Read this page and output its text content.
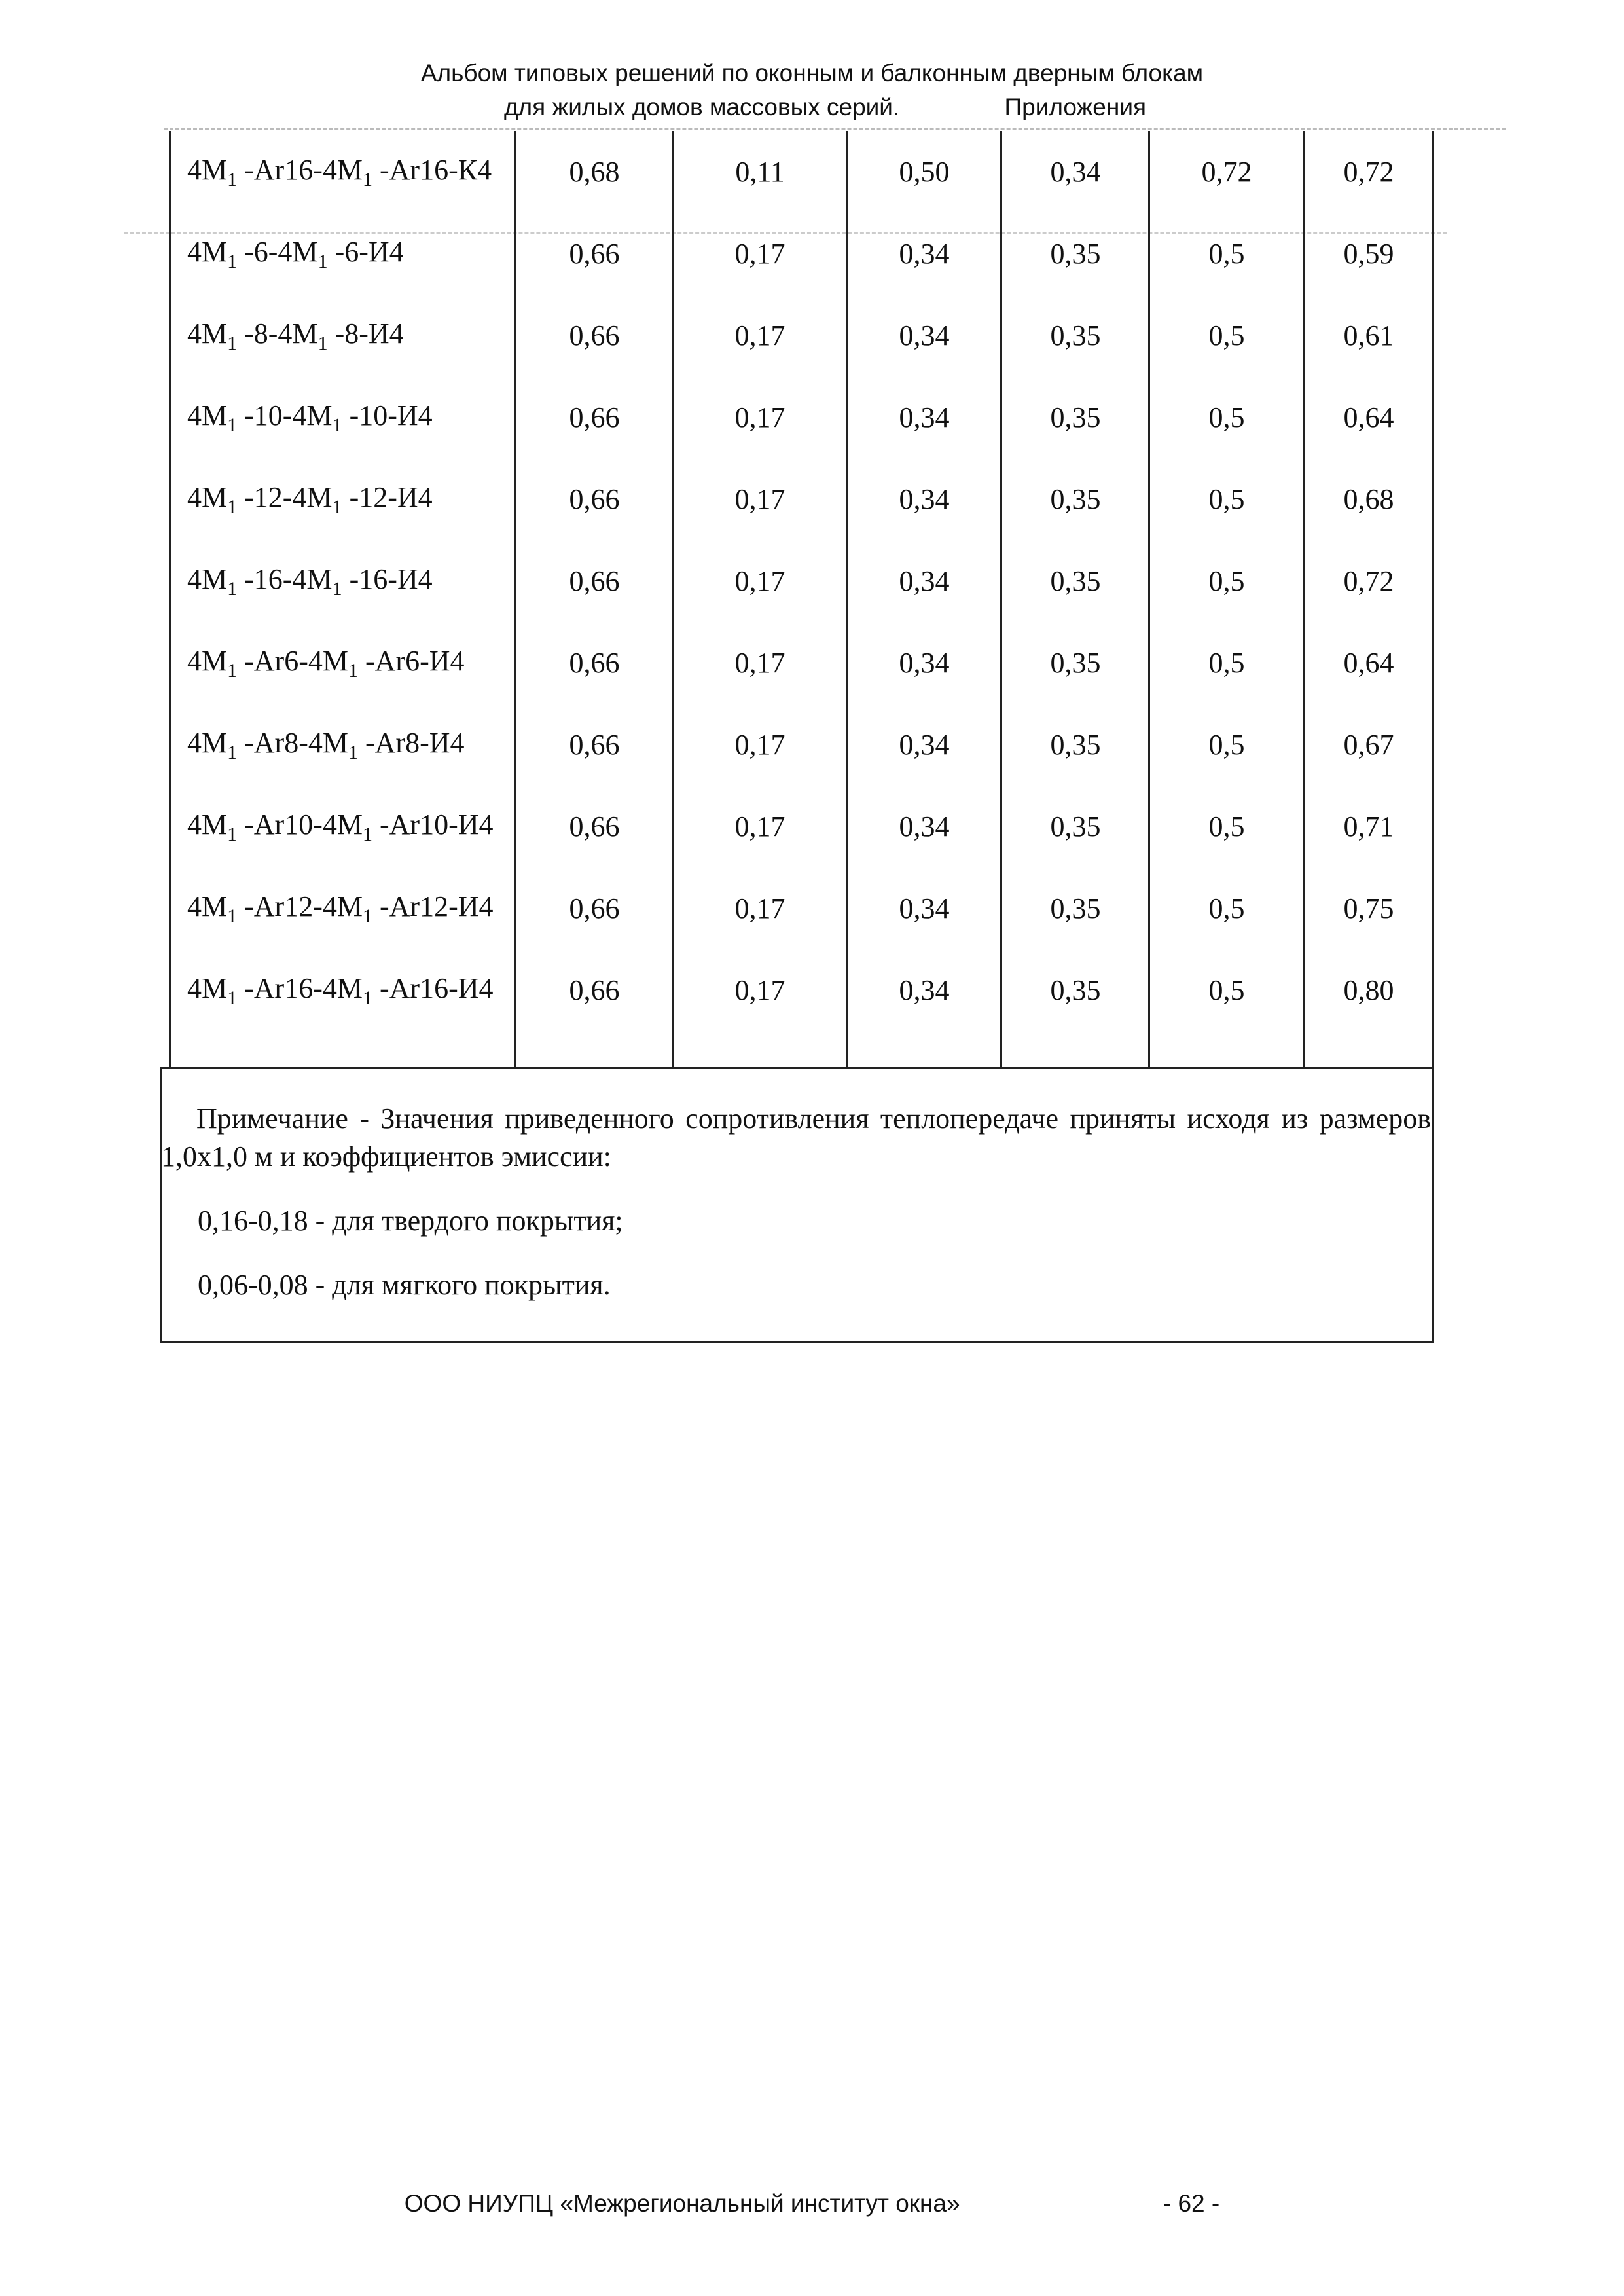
Альбом типовых решений по оконным и балконным дверным блокам
для жилых домов массовых серий.	Приложения
$4M_1$ $-Ar16-4M_1$ -Ar16-К4	0,68	0,11	0,50	0,34	0,72	0,72
$4M_1$ $-6-4M_1$ -6-И4	0,66	0,17	0,34	0,35	0,5	0,59
$4M_1$ $-8-4M_1$ -8-И4	0,66	0,17	0,34	0,35	0,5	0,61
$4M_1$ $-10-4M_1$ -10-И4	0,66	0,17	0,34	0,35	0,5	0,64
$4M_1$ $-12-4M_1$ -12-И4	0,66	0,17	0,34	0,35	0,5	0,68
$4M_1$ $-16-4M_1$ -16-И4	0,66	0,17	0,34	0,35	0,5	0,72
$4M_1$ $-Ar6-4M_1$ -Ar6-И4	0,66	0,17	0,34	0,35	0,5	0,64
$4M_1$ $-Ar8-4M_1$ -Ar8-И4	0,66	0,17	0,34	0,35	0,5	0,67
$4M_1$ $-Ar10-4M_1$ -Ar10-И4	0,66	0,17	0,34	0,35	0,5	0,71
$4M_1$ $-Ar12-4M_1$ -Ar12-И4	0,66	0,17	0,34	0,35	0,5	0,75
$4M_1$ $-Ar16-4M_1$ -Ar16-И4	0,66	0,17	0,34	0,35	0,5	0,80

Примечание - Значения приведенного сопротивления теплопередаче приняты исходя из размеров 1,0х1,0 м и коэффициентов эмиссии:

0,16-0,18 - для твердого покрытия;

0,06-0,08 - для мягкого покрытия.

ООО НИУПЦ «Межрегиональный институт окна»	- 62 -
